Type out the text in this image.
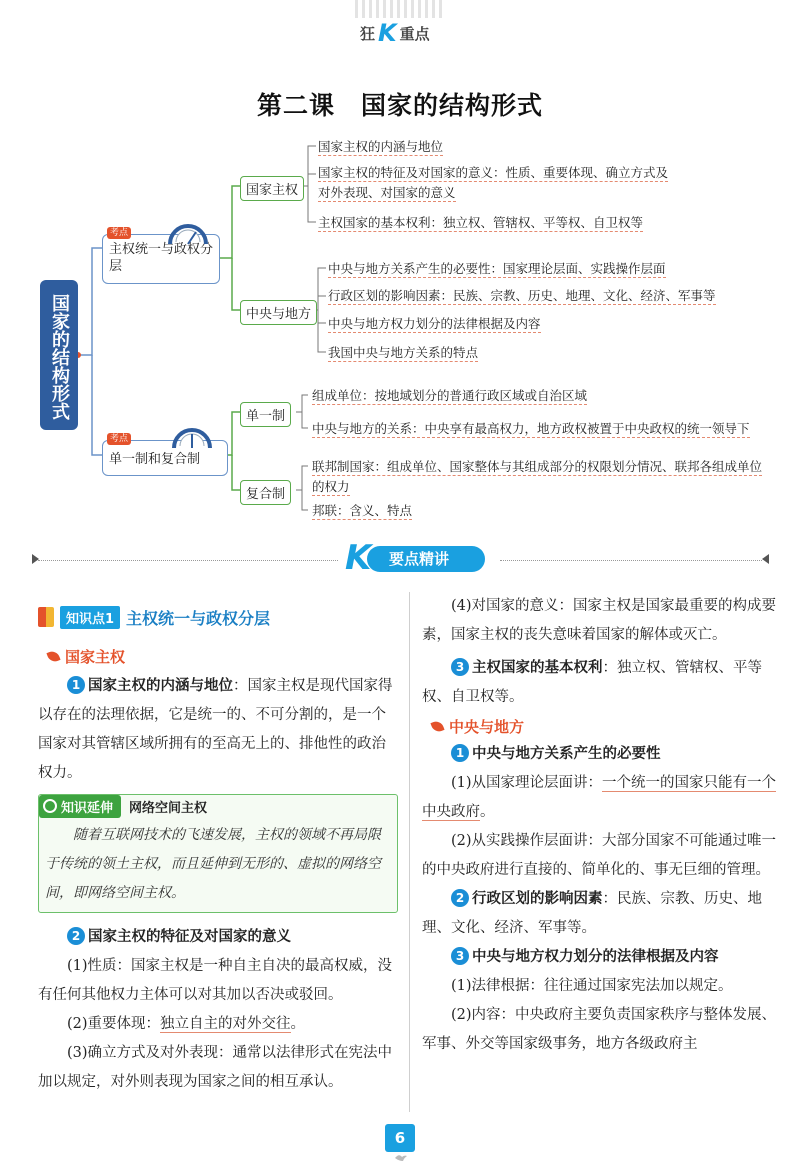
狂 K 重点
第二课　国家的结构形式
国家的结构形式
考点
主权统一与政权分层
考点
单一制和复合制
国家主权
中央与地方
单一制
复合制
国家主权的内涵与地位
国家主权的特征及对国家的意义：性质、重要体现、确立方式及
对外表现、对国家的意义
主权国家的基本权利：独立权、管辖权、平等权、自卫权等
中央与地方关系产生的必要性：国家理论层面、实践操作层面
行政区划的影响因素：民族、宗教、历史、地理、文化、经济、军事等
中央与地方权力划分的法律根据及内容
我国中央与地方关系的特点
组成单位：按地域划分的普通行政区域或自治区域
中央与地方的关系：中央享有最高权力，地方政权被置于中央政权的统一领导下
联邦制国家：组成单位、国家整体与其组成部分的权限划分情况、联邦各组成单位
的权力
邦联：含义、特点
要点精讲
K
知识点1 主权统一与政权分层
国家主权

1 国家主权的内涵与地位：国家主权是现代国家得以存在的法理依据，它是统一的、不可分割的，是一个国家对其管辖区域所拥有的至高无上的、排他性的政治权力。

知识延伸 网络空间主权

随着互联网技术的飞速发展，主权的领域不再局限于传统的领土主权，而且延伸到无形的、虚拟的网络空间，即网络空间主权。

2 国家主权的特征及对国家的意义

(1)性质：国家主权是一种自主自决的最高权威，没有任何其他权力主体可以对其加以否决或驳回。

(2)重要体现：独立自主的对外交往。

(3)确立方式及对外表现：通常以法律形式在宪法中加以规定，对外则表现为国家之间的相互承认。

(4)对国家的意义：国家主权是国家最重要的构成要素，国家主权的丧失意味着国家的解体或灭亡。

3 主权国家的基本权利：独立权、管辖权、平等权、自卫权等。

中央与地方

1 中央与地方关系产生的必要性

(1)从国家理论层面讲：一个统一的国家只能有一个中央政府。

(2)从实践操作层面讲：大部分国家不可能通过唯一的中央政府进行直接的、简单化的、事无巨细的管理。

2 行政区划的影响因素：民族、宗教、历史、地理、文化、经济、军事等。

3 中央与地方权力划分的法律根据及内容

(1)法律根据：往往通过国家宪法加以规定。

(2)内容：中央政府主要负责国家秩序与整体发展、军事、外交等国家级事务，地方各级政府主

6
